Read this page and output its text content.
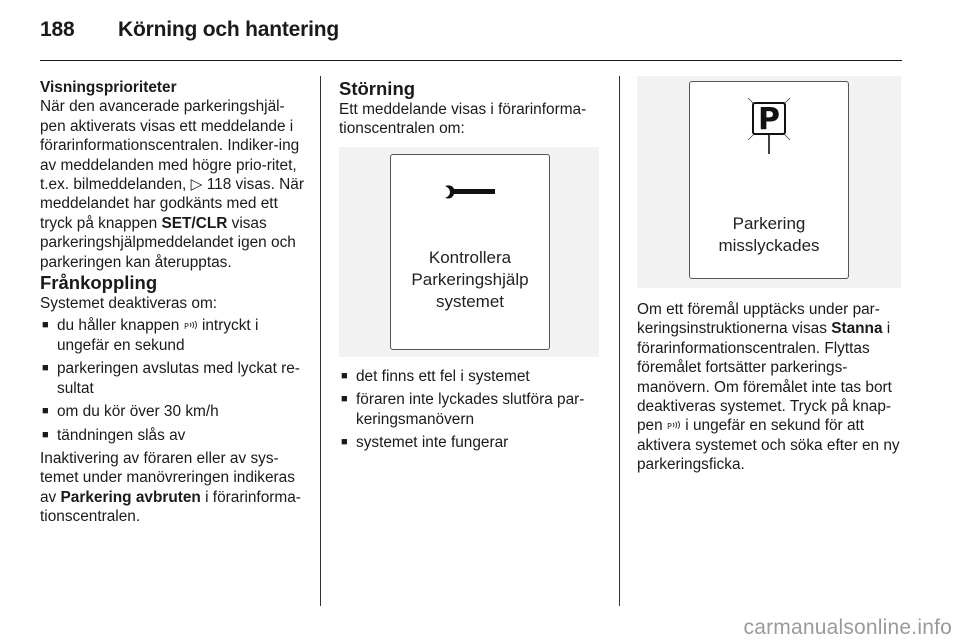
188 Körning och hantering

Visningsprioriteter

När den avancerade parkeringshjäl-pen aktiverats visas ett meddelande i förarinformationscentralen. Indiker-ing av meddelanden med högre prio-ritet, t.ex. bilmeddelanden, ▷ 118 visas. När meddelandet har godkänts med ett tryck på knappen SET/CLR visas parkeringshjälpmeddelandet igen och parkeringen kan återupptas.

Frånkoppling

Systemet deaktiveras om:

■ du håller knappen P intryckt i ungefär en sekund
■ parkeringen avslutas med lyckat re-sultat
■ om du kör över 30 km/h
■ tändningen slås av

Inaktivering av föraren eller av sys-temet under manövreringen indikeras av Parkering avbruten i förarinforma-tionscentralen.

Störning

Ett meddelande visas i förarinforma-tionscentralen om:

Kontrollera
Parkeringshjälp
systemet
■ det finns ett fel i systemet
■ föraren inte lyckades slutföra par-keringsmanövern
■ systemet inte fungerar
P
Parkering
misslyckades

Om ett föremål upptäcks under par-keringsinstruktionerna visas Stanna i förarinformationscentralen. Flyttas föremålet fortsätter parkerings-manövern. Om föremålet inte tas bort deaktiveras systemet. Tryck på knap-pen P i ungefär en sekund för att aktivera systemet och söka efter en ny parkeringsficka.

carmanualsonline.info
